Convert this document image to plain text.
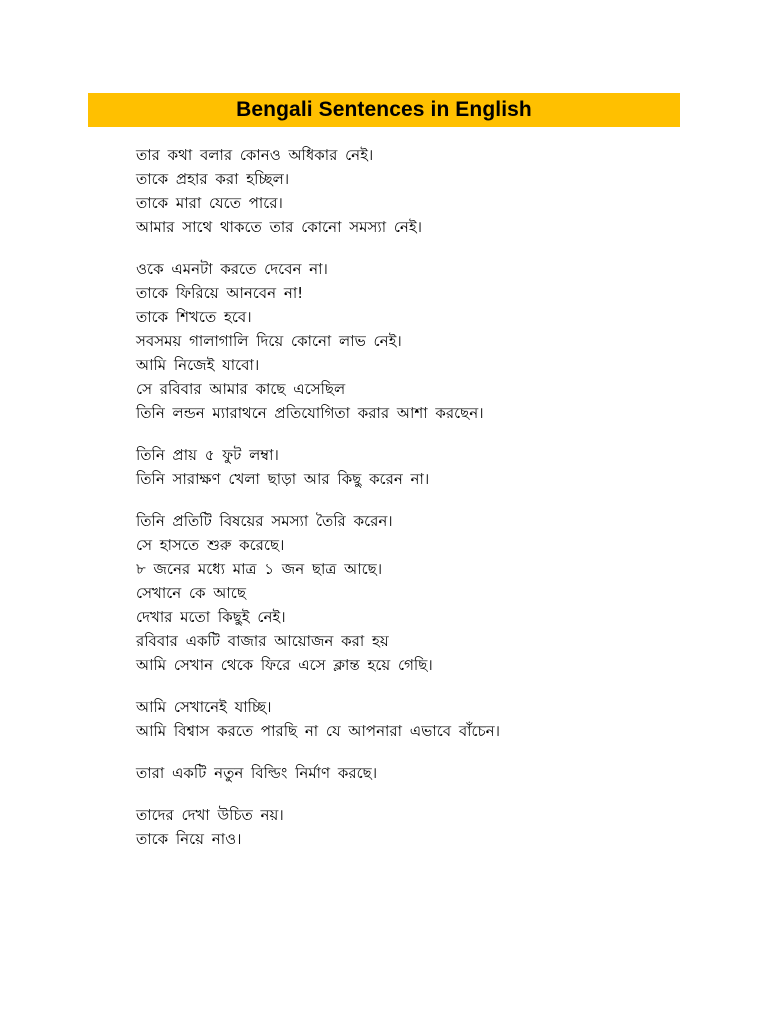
Bengali Sentences in English
তার কথা বলার কোনও অধিকার নেই।
তাকে প্রহার করা হচ্ছিল।
তাকে মারা যেতে পারে।
আমার সাথে থাকতে তার কোনো সমস্যা নেই।
ওকে এমনটা করতে দেবেন না।
তাকে ফিরিয়ে আনবেন না!
তাকে শিখতে হবে।
সবসময় গালাগালি দিয়ে কোনো লাভ নেই।
আমি নিজেই যাবো।
সে রবিবার আমার কাছে এসেছিল
তিনি লন্ডন ম্যারাথনে প্রতিযোগিতা করার আশা করছেন।
তিনি প্রায় ৫ ফুট লম্বা।
তিনি সারাক্ষণ খেলা ছাড়া আর কিছু করেন না।
তিনি প্রতিটি বিষয়ের সমস্যা তৈরি করেন।
সে হাসতে শুরু করেছে।
৮ জনের মধ্যে মাত্র ১ জন ছাত্র আছে।
সেখানে কে আছে
দেখার মতো কিছুই নেই।
রবিবার একটি বাজার আয়োজন করা হয়
আমি সেখান থেকে ফিরে এসে ক্লান্ত হয়ে গেছি।
আমি সেখানেই যাচ্ছি।
আমি বিশ্বাস করতে পারছি না যে আপনারা এভাবে বাঁচেন।
তারা একটি নতুন বিল্ডিং নির্মাণ করছে।
তাদের দেখা উচিত নয়।
তাকে নিয়ে নাও।
